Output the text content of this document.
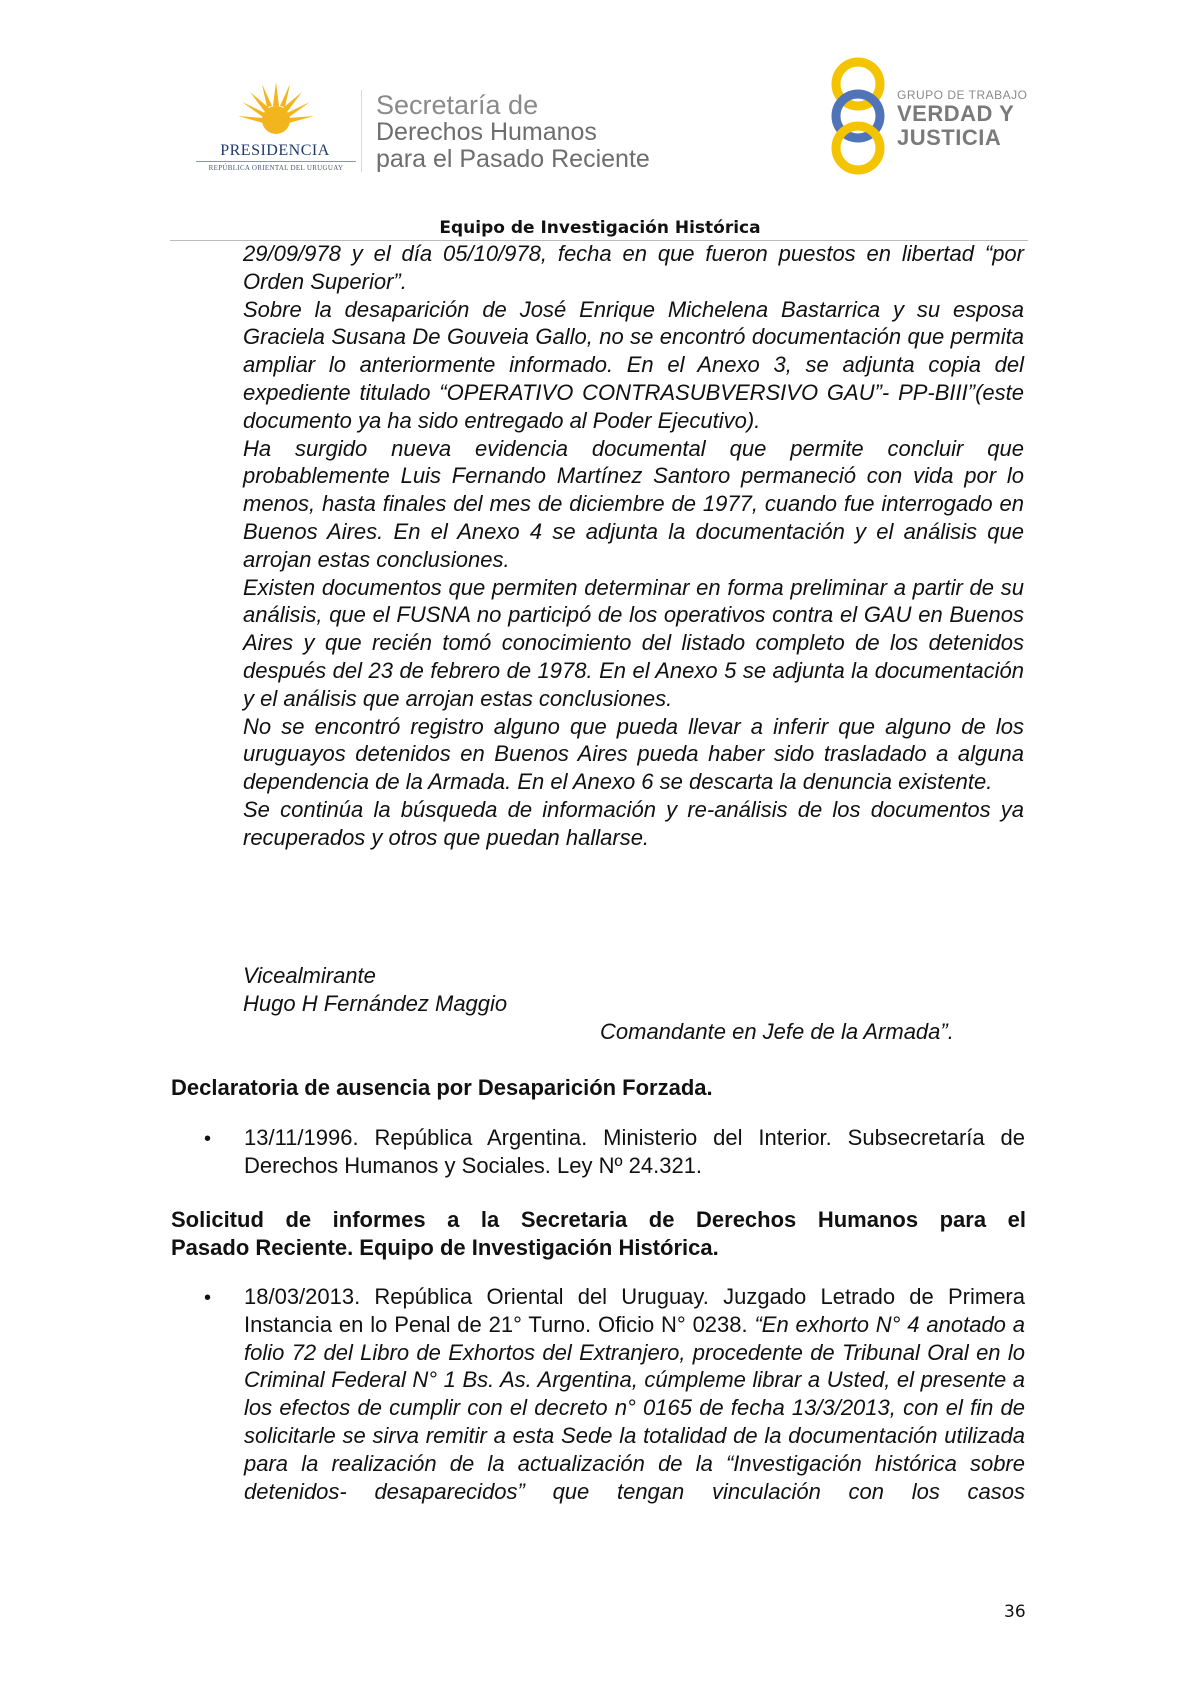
PRESIDENCIA
REPÚBLICA ORIENTAL DEL URUGUAY
Secretaría de
Derechos Humanos
para el Pasado Reciente
GRUPO DE TRABAJO
VERDAD Y
JUSTICIA
Equipo de Investigación Histórica

29/09/978 y el día 05/10/978, fecha en que fueron puestos en libertad “por Orden Superior”.

Sobre la desaparición de José Enrique Michelena Bastarrica y su esposa Graciela Susana De Gouveia Gallo, no se encontró documentación que permita ampliar lo anteriormente informado. En el Anexo 3, se adjunta copia del expediente titulado “OPERATIVO CONTRASUBVERSIVO GAU”- PP-BIII”(este documento ya ha sido entregado al Poder Ejecutivo).

Ha surgido nueva evidencia documental que permite concluir que probablemente Luis Fernando Martínez Santoro permaneció con vida por lo menos, hasta finales del mes de diciembre de 1977, cuando fue interrogado en Buenos Aires. En el Anexo 4 se adjunta la documentación y el análisis que arrojan estas conclusiones.

Existen documentos que permiten determinar en forma preliminar a partir de su análisis, que el FUSNA no participó de los operativos contra el GAU en Buenos Aires y que recién tomó conocimiento del listado completo de los detenidos después del 23 de febrero de 1978. En el Anexo 5 se adjunta la documentación y el análisis que arrojan estas conclusiones.

No se encontró registro alguno que pueda llevar a inferir que alguno de los uruguayos detenidos en Buenos Aires pueda haber sido trasladado a alguna dependencia de la Armada. En el Anexo 6 se descarta la denuncia existente.

Se continúa la búsqueda de información y re-análisis de los documentos ya recuperados y otros que puedan hallarse.

Vicealmirante
Hugo H Fernández Maggio
Comandante en Jefe de la Armada”.
Declaratoria de ausencia por Desaparición Forzada.
• 13/11/1996. República Argentina. Ministerio del Interior. Subsecretaría de Derechos Humanos y Sociales. Ley Nº 24.321.
Solicitud de informes a la Secretaria de Derechos Humanos para el
Pasado Reciente. Equipo de Investigación Histórica.
• 18/03/2013. República Oriental del Uruguay. Juzgado Letrado de Primera Instancia en lo Penal de 21° Turno. Oficio N° 0238. “En exhorto N° 4 anotado a folio 72 del Libro de Exhortos del Extranjero, procedente de Tribunal Oral en lo Criminal Federal N° 1 Bs. As. Argentina, cúmpleme librar a Usted, el presente a los efectos de cumplir con el decreto n° 0165 de fecha 13/3/2013, con el fin de solicitarle se sirva remitir a esta Sede la totalidad de la documentación utilizada para la realización de la actualización de la “Investigación histórica sobre detenidos- desaparecidos” que tengan vinculación con los casos
36
